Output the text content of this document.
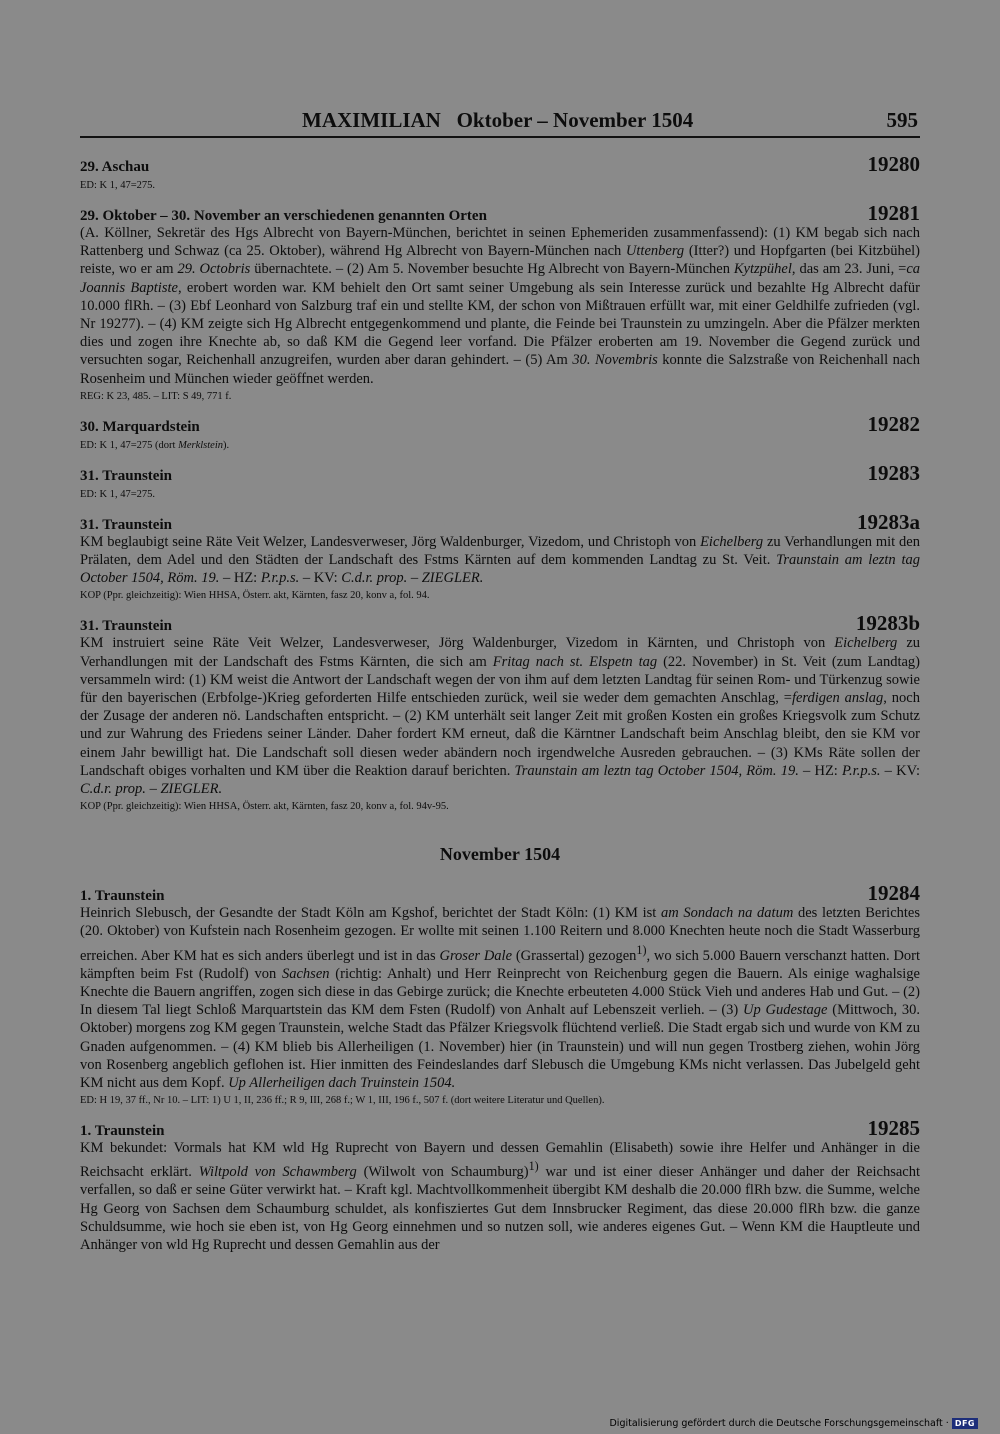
MAXIMILIAN   Oktober – November 1504	595
29. Aschau	19280
ED: K 1, 47=275.
29. Oktober – 30. November an verschiedenen genannten Orten	19281
(A. Köllner, Sekretär des Hgs Albrecht von Bayern-München, berichtet in seinen Ephemeriden zusammenfassend): (1) KM begab sich nach Rattenberg und Schwaz (ca 25. Oktober), während Hg Albrecht von Bayern-München nach Uttenberg (Itter?) und Hopfgarten (bei Kitzbühel) reiste, wo er am 29. Octobris übernachtete. – (2) Am 5. November besuchte Hg Albrecht von Bayern-München Kytzpühel, das am 23. Juni, =ca Joannis Baptiste, erobert worden war. KM behielt den Ort samt seiner Umgebung als sein Interesse zurück und bezahlte Hg Albrecht dafür 10.000 flRh. – (3) Ebf Leonhard von Salzburg traf ein und stellte KM, der schon von Mißtrauen erfüllt war, mit einer Geldhilfe zufrieden (vgl. Nr 19277). – (4) KM zeigte sich Hg Albrecht entgegenkommend und plante, die Feinde bei Traunstein zu umzingeln. Aber die Pfälzer merkten dies und zogen ihre Knechte ab, so daß KM die Gegend leer vorfand. Die Pfälzer eroberten am 19. November die Gegend zurück und versuchten sogar, Reichenhall anzugreifen, wurden aber daran gehindert. – (5) Am 30. Novembris konnte die Salzstraße von Reichenhall nach Rosenheim und München wieder geöffnet werden.
REG: K 23, 485. – LIT: S 49, 771 f.
30. Marquardstein	19282
ED: K 1, 47=275 (dort Merklstein).
31. Traunstein	19283
ED: K 1, 47=275.
31. Traunstein	19283a
KM beglaubigt seine Räte Veit Welzer, Landesverweser, Jörg Waldenburger, Vizedom, und Christoph von Eichelberg zu Verhandlungen mit den Prälaten, dem Adel und den Städten der Landschaft des Fstms Kärnten auf dem kommenden Landtag zu St. Veit. Traunstain am leztn tag October 1504, Röm. 19. – HZ: P.r.p.s. – KV: C.d.r. prop. – ZIEGLER.
KOP (Ppr. gleichzeitig): Wien HHSA, Österr. akt, Kärnten, fasz 20, konv a, fol. 94.
31. Traunstein	19283b
KM instruiert seine Räte Veit Welzer, Landesverweser, Jörg Waldenburger, Vizedom in Kärnten, und Christoph von Eichelberg zu Verhandlungen mit der Landschaft des Fstms Kärnten, die sich am Fritag nach st. Elspetn tag (22. November) in St. Veit (zum Landtag) versammeln wird: (1) KM weist die Antwort der Landschaft wegen der von ihm auf dem letzten Landtag für seinen Rom- und Türkenzug sowie für den bayerischen (Erbfolge-)Krieg geforderten Hilfe entschieden zurück, weil sie weder dem gemachten Anschlag, =ferdigen anslag, noch der Zusage der anderen nö. Landschaften entspricht. – (2) KM unterhält seit langer Zeit mit großen Kosten ein großes Kriegsvolk zum Schutz und zur Wahrung des Friedens seiner Länder. Daher fordert KM erneut, daß die Kärntner Landschaft beim Anschlag bleibt, den sie KM vor einem Jahr bewilligt hat. Die Landschaft soll diesen weder abändern noch irgendwelche Ausreden gebrauchen. – (3) KMs Räte sollen der Landschaft obiges vorhalten und KM über die Reaktion darauf berichten. Traunstain am leztn tag October 1504, Röm. 19. – HZ: P.r.p.s. – KV: C.d.r. prop. – ZIEGLER.
KOP (Ppr. gleichzeitig): Wien HHSA, Österr. akt, Kärnten, fasz 20, konv a, fol. 94v-95.
November 1504
1. Traunstein	19284
Heinrich Slebusch, der Gesandte der Stadt Köln am Kgshof, berichtet der Stadt Köln: (1) KM ist am Sondach na datum des letzten Berichtes (20. Oktober) von Kufstein nach Rosenheim gezogen. Er wollte mit seinen 1.100 Reitern und 8.000 Knechten heute noch die Stadt Wasserburg erreichen. Aber KM hat es sich anders überlegt und ist in das Groser Dale (Grassertal) gezogen$^{1)}$, wo sich 5.000 Bauern verschanzt hatten. Dort kämpften beim Fst (Rudolf) von Sachsen (richtig: Anhalt) und Herr Reinprecht von Reichenburg gegen die Bauern. Als einige waghalsige Knechte die Bauern angriffen, zogen sich diese in das Gebirge zurück; die Knechte erbeuteten 4.000 Stück Vieh und anderes Hab und Gut. – (2) In diesem Tal liegt Schloß Marquartstein das KM dem Fsten (Rudolf) von Anhalt auf Lebenszeit verlieh. – (3) Up Gudestage (Mittwoch, 30. Oktober) morgens zog KM gegen Traunstein, welche Stadt das Pfälzer Kriegsvolk flüchtend verließ. Die Stadt ergab sich und wurde von KM zu Gnaden aufgenommen. – (4) KM blieb bis Allerheiligen (1. November) hier (in Traunstein) und will nun gegen Trostberg ziehen, wohin Jörg von Rosenberg angeblich geflohen ist. Hier inmitten des Feindeslandes darf Slebusch die Umgebung KMs nicht verlassen. Das Jubelgeld geht KM nicht aus dem Kopf. Up Allerheiligen dach Truinstein 1504.
ED: H 19, 37 ff., Nr 10. – LIT: 1) U 1, II, 236 ff.; R 9, III, 268 f.; W 1, III, 196 f., 507 f. (dort weitere Literatur und Quellen).
1. Traunstein	19285
KM bekundet: Vormals hat KM wld Hg Ruprecht von Bayern und dessen Gemahlin (Elisabeth) sowie ihre Helfer und Anhänger in die Reichsacht erklärt. Wiltpold von Schawmberg (Wilwolt von Schaumburg)$^{1)}$ war und ist einer dieser Anhänger und daher der Reichsacht verfallen, so daß er seine Güter verwirkt hat. – Kraft kgl. Machtvollkommenheit übergibt KM deshalb die 20.000 flRh bzw. die Summe, welche Hg Georg von Sachsen dem Schaumburg schuldet, als konfisziertes Gut dem Innsbrucker Regiment, das diese 20.000 flRh bzw. die ganze Schuldsumme, wie hoch sie eben ist, von Hg Georg einnehmen und so nutzen soll, wie anderes eigenes Gut. – Wenn KM die Hauptleute und Anhänger von wld Hg Ruprecht und dessen Gemahlin aus der
Digitalisierung gefördert durch die Deutsche Forschungsgemeinschaft · DFG
